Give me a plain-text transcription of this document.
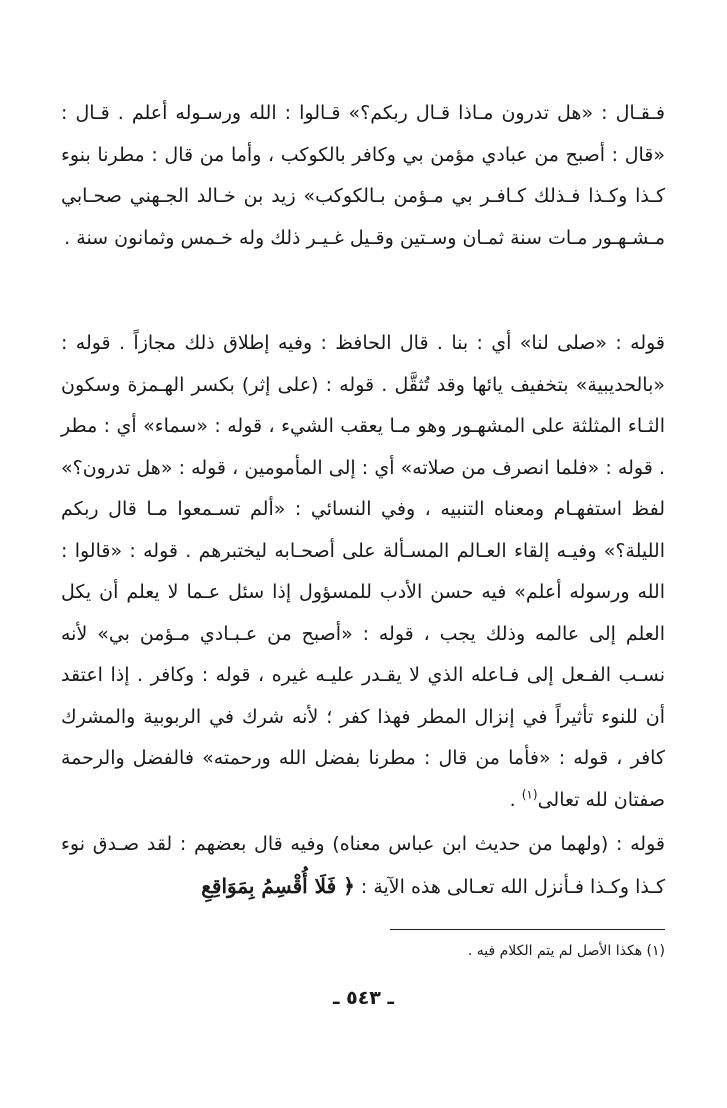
فـقـال : «هل تدرون مـاذا قـال ربكم؟» قـالوا : الله ورسـوله أعلم . قـال : «قال : أصبح من عبادي مؤمن بي وكافر بالكوكب ، وأما من قال : مطرنا بنوء كـذا وكـذا فـذلك كـافـر بي مـؤمن بـالكوكب» زيد بن خـالد الجـهني صحـابي مـشـهـور مـات سنة ثمـان وسـتين وقـيل غـيـر ذلك وله خـمس وثمانون سنة .

قوله : «صلى لنا» أي : بنا . قال الحافظ : وفيه إطلاق ذلك مجازاً . قوله : «بالحديبية» بتخفيف يائها وقد تُثقَّل . قوله : (على إثر) بكسر الهـمزة وسكون الثـاء المثلثة على المشهـور وهو مـا يعقب الشيء ، قوله : «سماء» أي : مطر . قوله : «فلما انصرف من صلاته» أي : إلى المأمومين ، قوله : «هل تدرون؟» لفظ استفهـام ومعناه التنبيه ، وفي النسائي : «ألم تسـمعوا مـا قال ربكم الليلة؟» وفيـه إلقاء العـالم المسـألة على أصحـابه ليختبرهم . قوله : «قالوا : الله ورسوله أعلم» فيه حسن الأدب للمسؤول إذا سئل عـما لا يعلم أن يكل العلم إلى عالمه وذلك يجب ، قوله : «أصبح من عـبـادي مـؤمن بي» لأنه نسـب الفـعل إلى فـاعله الذي لا يقـدر عليـه غيره ، قوله : وكافر . إذا اعتقد أن للنوء تأثيراً في إنزال المطر فهذا كفر ؛ لأنه شرك في الربوبية والمشرك كافر ، قوله : «فأما من قال : مطرنا بفضل الله ورحمته» فالفضل والرحمة صفتان لله تعالى$^{(١)}$ .

قوله : (ولهما من حديث ابن عباس معناه) وفيه قال بعضهم : لقد صـدق نوء كـذا وكـذا فـأنزل الله تعـالى هذه الآية : ﴿ فَلَا أُقْسِمُ بِمَوَاقِعِ

(١) هكذا الأصل لم يتم الكلام فيه .
ـ ٥٤٣ ـ
